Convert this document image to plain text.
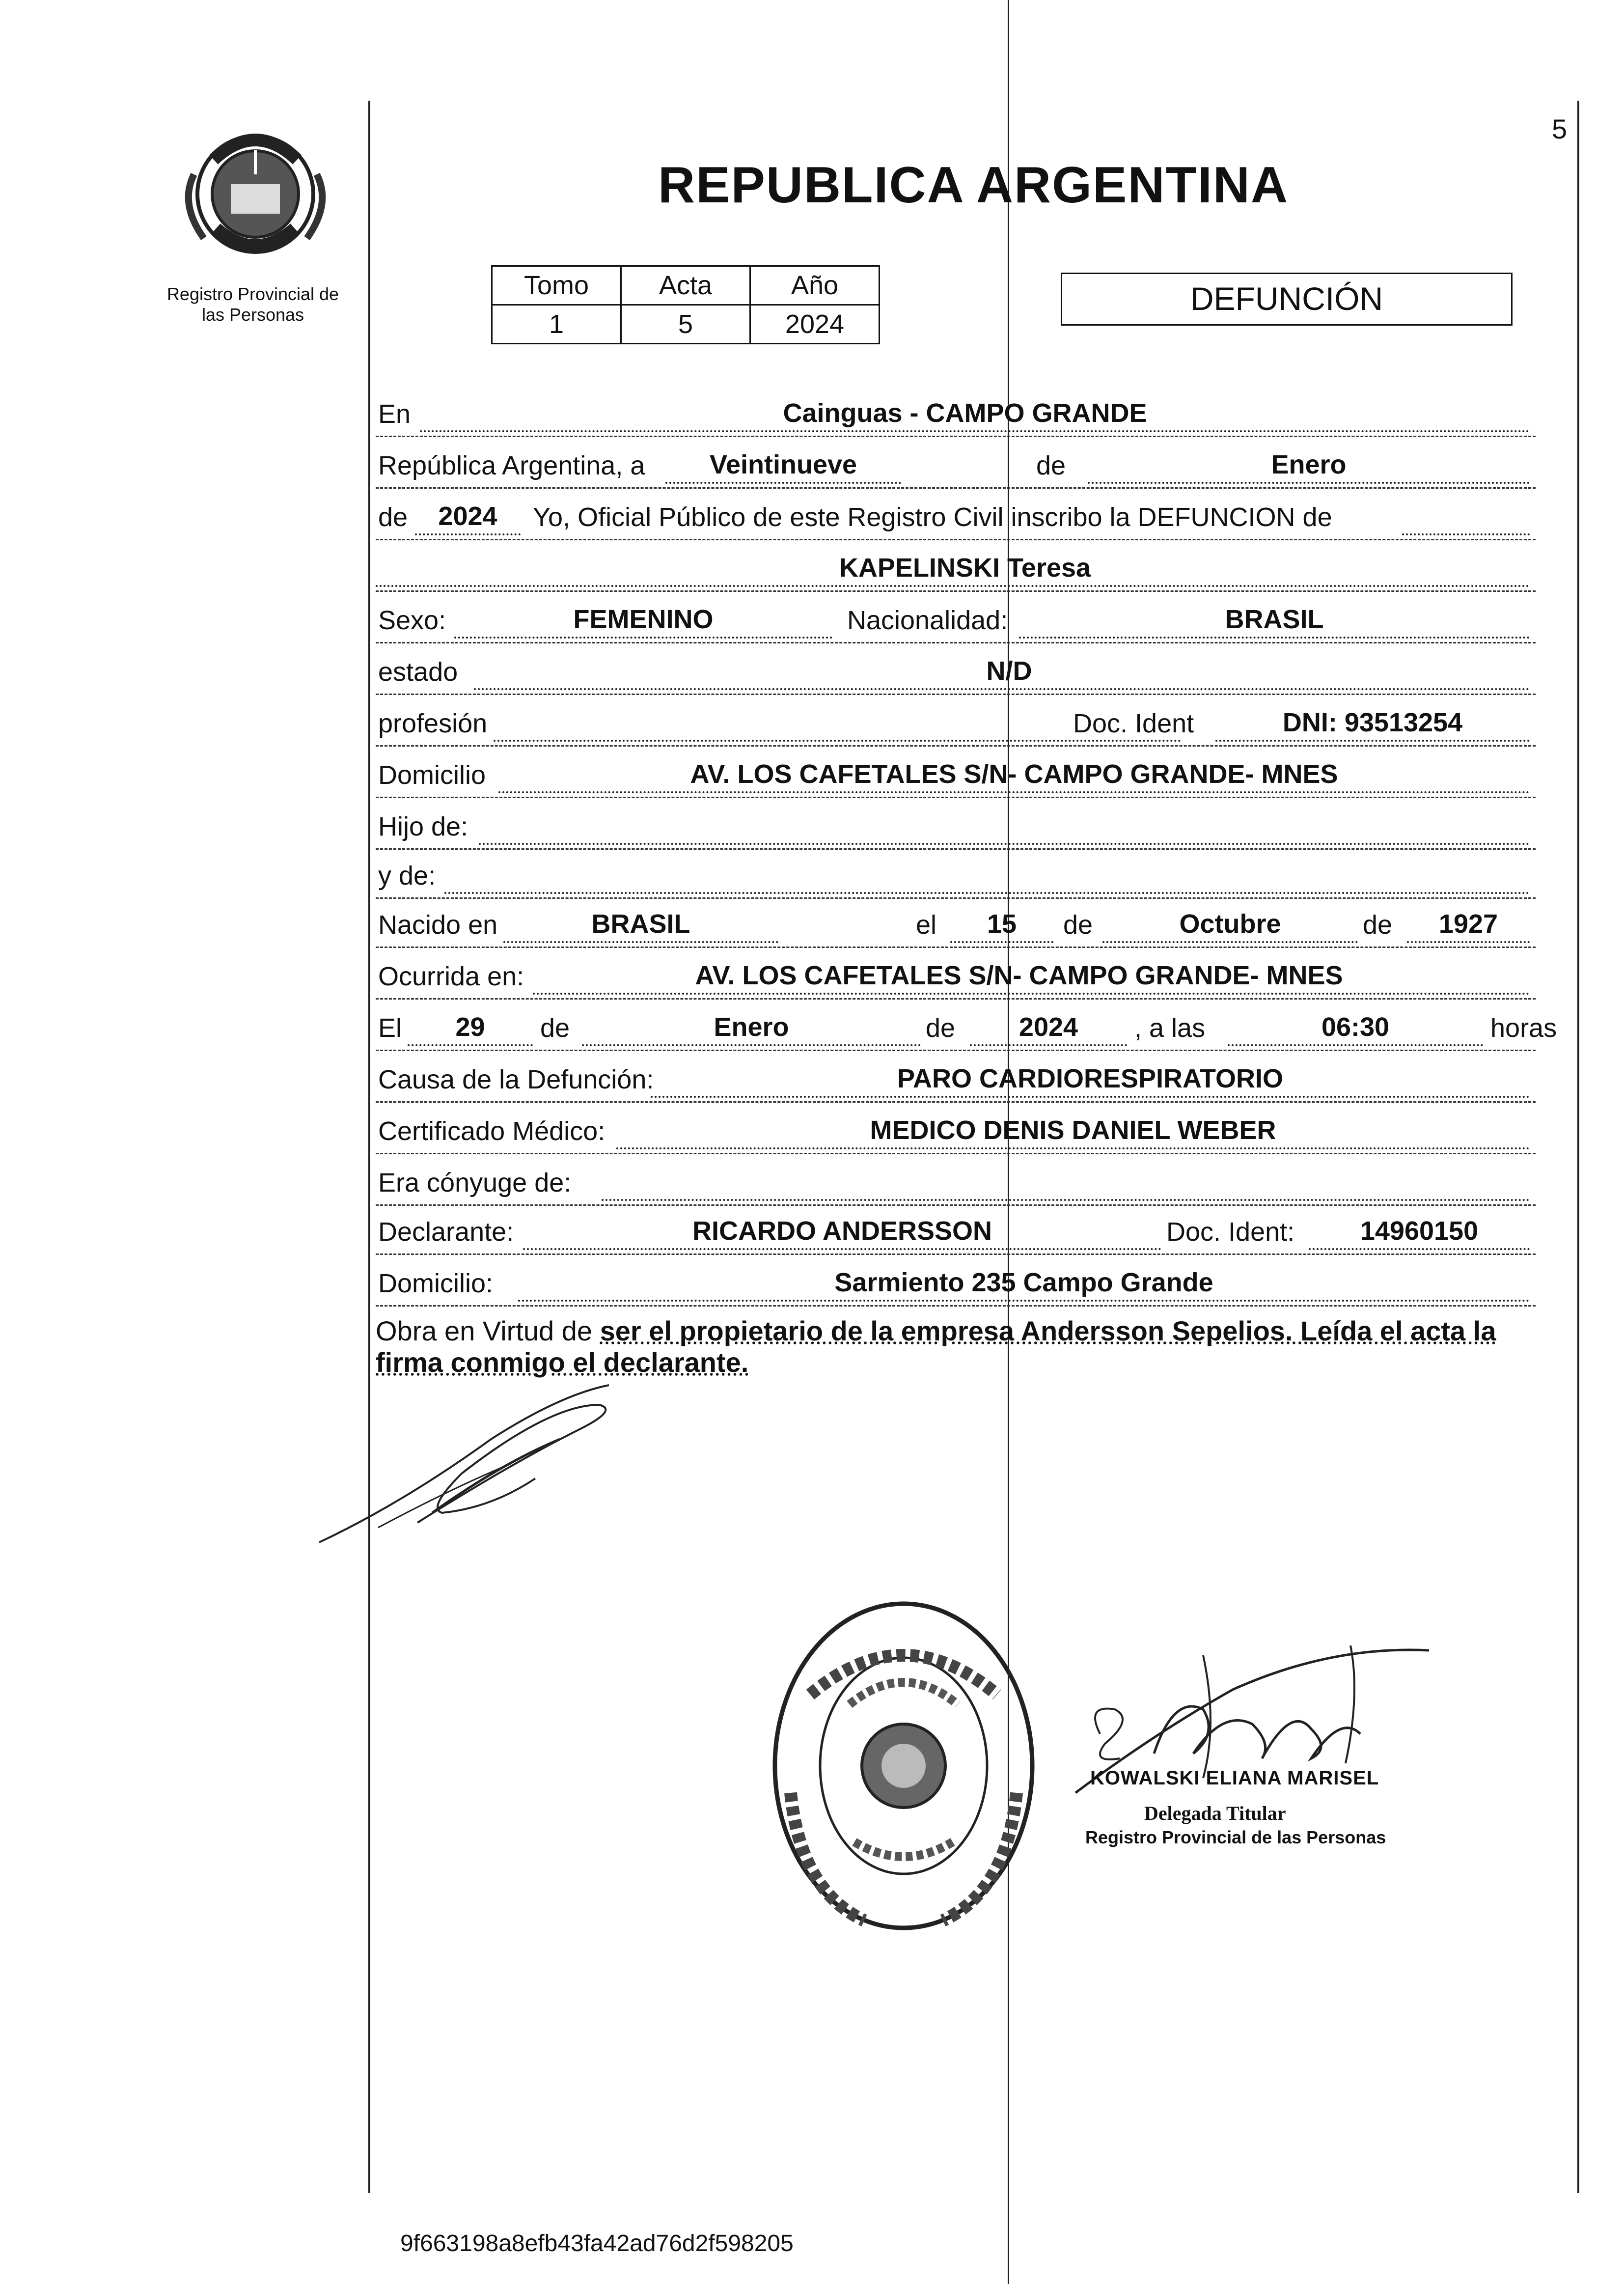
5
Registro Provincial de
las Personas
REPUBLICA ARGENTINA
Tomo	Acta	Año
1	5	2024
DEFUNCIÓN
En	Cainguas - CAMPO GRANDE
República Argentina, a	Veintinueve	de	Enero
de	2024	Yo, Oficial Público de este Registro Civil inscribo la DEFUNCION de
KAPELINSKI Teresa
Sexo:	FEMENINO	Nacionalidad:	BRASIL
estado	N/D
profesión	Doc. Ident	DNI: 93513254
Domicilio	AV. LOS CAFETALES S/N- CAMPO GRANDE- MNES
Hijo de:
y de:
Nacido en	BRASIL	el	15	de	Octubre	de	1927
Ocurrida en:	AV. LOS CAFETALES S/N- CAMPO GRANDE- MNES
El	29	de	Enero	de	2024	, a las	06:30	horas
Causa de la Defunción:	PARO CARDIORESPIRATORIO
Certificado Médico:	MEDICO DENIS DANIEL WEBER
Era cónyuge de:
Declarante:	RICARDO ANDERSSON	Doc. Ident:	14960150
Domicilio:	Sarmiento 235 Campo Grande
Obra en Virtud de ser el propietario de la empresa Andersson Sepelios. Leída el acta la firma conmigo el declarante.
KOWALSKI ELIANA MARISEL
Delegada Titular
Registro Provincial de las Personas
9f663198a8efb43fa42ad76d2f598205
